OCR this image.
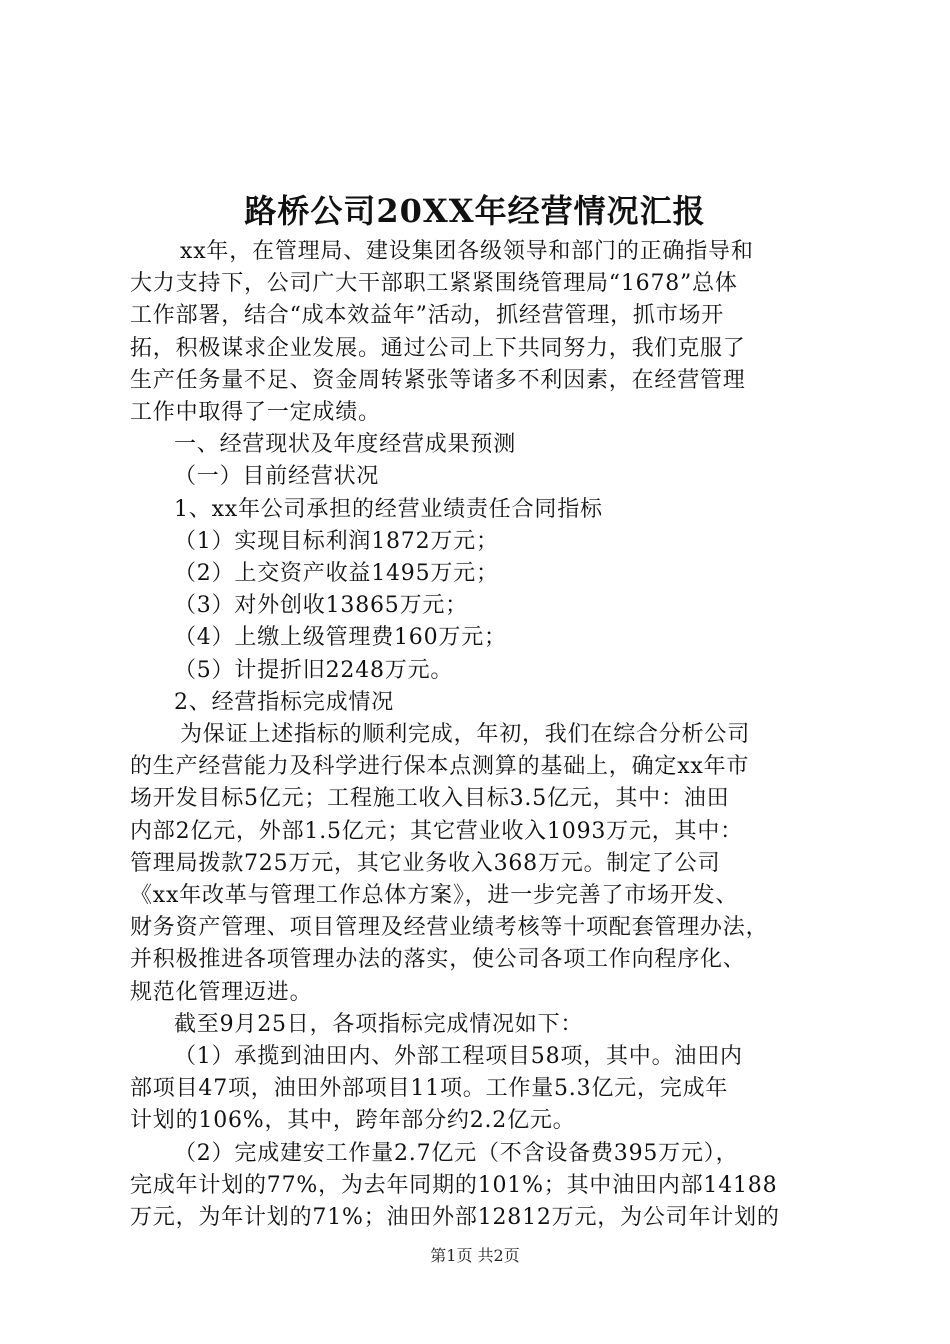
路桥公司20XX年经营情况汇报

xx年，在管理局、建设集团各级领导和部门的正确指导和

大力支持下，公司广大干部职工紧紧围绕管理局“1678”总体

工作部署，结合“成本效益年”活动，抓经营管理，抓市场开

拓，积极谋求企业发展。通过公司上下共同努力，我们克服了

生产任务量不足、资金周转紧张等诸多不利因素，在经营管理

工作中取得了一定成绩。

一、经营现状及年度经营成果预测

（一）目前经营状况

1、xx年公司承担的经营业绩责任合同指标

（1）实现目标利润1872万元；

（2）上交资产收益1495万元；

（3）对外创收13865万元；

（4）上缴上级管理费160万元；

（5）计提折旧2248万元。

2、经营指标完成情况

为保证上述指标的顺利完成，年初，我们在综合分析公司

的生产经营能力及科学进行保本点测算的基础上，确定xx年市

场开发目标5亿元；工程施工收入目标3.5亿元，其中：油田

内部2亿元，外部1.5亿元；其它营业收入1093万元，其中：

管理局拨款725万元，其它业务收入368万元。制定了公司

《xx年改革与管理工作总体方案》，进一步完善了市场开发、

财务资产管理、项目管理及经营业绩考核等十项配套管理办法，

并积极推进各项管理办法的落实，使公司各项工作向程序化、

规范化管理迈进。

截至9月25日，各项指标完成情况如下：

（1）承揽到油田内、外部工程项目58项，其中。油田内

部项目47项，油田外部项目11项。工作量5.3亿元，完成年

计划的106%，其中，跨年部分约2.2亿元。

（2）完成建安工作量2.7亿元（不含设备费395万元），

完成年计划的77%，为去年同期的101%；其中油田内部14188

万元，为年计划的71%；油田外部12812万元，为公司年计划的

第1页 共2页
